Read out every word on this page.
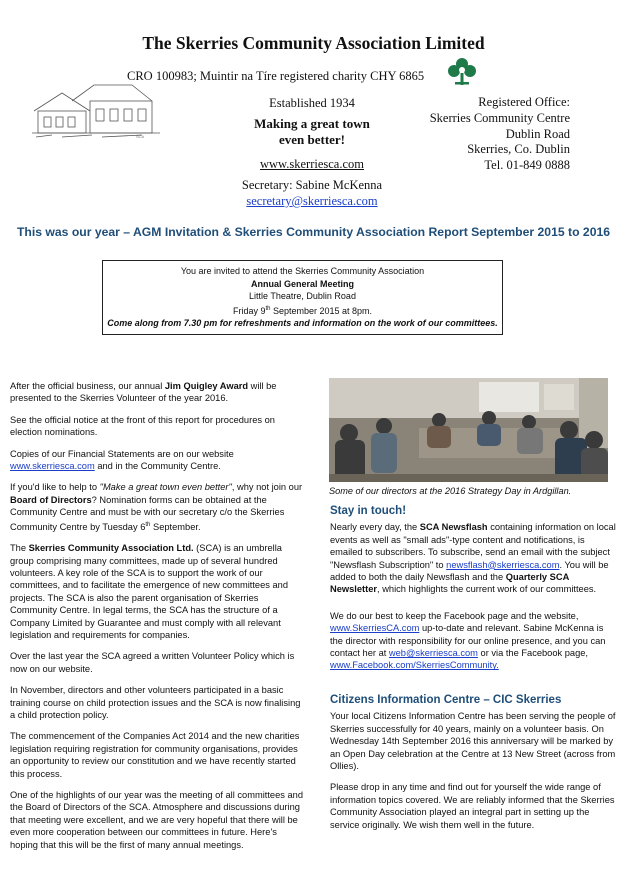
The Skerries Community Association Limited
SCA
CRO 100983; Muintir na Tíre registered charity CHY 6865
Established 1934
Making a great town
even better!
www.skerriesca.com
Secretary: Sabine McKenna
secretary@skerriesca.com
Registered Office:
Skerries Community Centre
Dublin Road
Skerries, Co. Dublin
Tel. 01-849 0888
This was our year – AGM Invitation & Skerries Community Association Report September 2015 to 2016
You are invited to attend the Skerries Community Association
Annual General Meeting
Little Theatre, Dublin Road
Friday 9th September 2015 at 8pm.
Come along from 7.30 pm for refreshments and information on the work of our committees.

After the official business, our annual Jim Quigley Award will be presented to the Skerries Volunteer of the year 2016.

See the official notice at the front of this report for procedures on election nominations.

Copies of our Financial Statements are on our website www.skerriesca.com and in the Community Centre.

If you'd like to help to "Make a great town even better", why not join our Board of Directors? Nomination forms can be obtained at the Community Centre and must be with our secretary c/o the Skerries Community Centre by Tuesday 6th September.

The Skerries Community Association Ltd. (SCA) is an umbrella group comprising many committees, made up of several hundred volunteers. A key role of the SCA is to support the work of our committees, and to facilitate the emergence of new committees and projects. The SCA is also the parent organisation of Skerries Community Centre. In legal terms, the SCA has the structure of a Company Limited by Guarantee and must comply with all relevant legislation and requirements for companies.

Over the last year the SCA agreed a written Volunteer Policy which is now on our website.

In November, directors and other volunteers participated in a basic training course on child protection issues and the SCA is now finalising a child protection policy.

The commencement of the Companies Act 2014 and the new charities legislation requiring registration for community organisations, provides an opportunity to review our constitution and we have recently started this process.

One of the highlights of our year was the meeting of all committees and the Board of Directors of the SCA. Atmosphere and discussions during that meeting were excellent, and we are very hopeful that there will be even more cooperation between our committees in future. Here's hoping that this will be the first of many annual meetings.

Some of our directors at the 2016 Strategy Day in Ardgillan.
Stay in touch!

Nearly every day, the SCA Newsflash containing information on local events as well as "small ads"-type content and notifications, is emailed to subscribers. To subscribe, send an email with the subject "Newsflash Subscription" to newsflash@skerriesca.com. You will be added to both the daily Newsflash and the Quarterly SCA Newsletter, which highlights the current work of our committees.

We do our best to keep the Facebook page and the website, www.SkerriesCA.com up-to-date and relevant. Sabine McKenna is the director with responsibility for our online presence, and you can contact her at web@skerriesca.com or via the Facebook page, www.Facebook.com/SkerriesCommunity.

Citizens Information Centre – CIC Skerries

Your local Citizens Information Centre has been serving the people of Skerries successfully for 40 years, mainly on a volunteer basis. On Wednesday 14th September 2016 this anniversary will be marked by an Open Day celebration at the Centre at 13 New Street (across from Ollies).

Please drop in any time and find out for yourself the wide range of information topics covered. We are reliably informed that the Skerries Community Association played an integral part in setting up the service originally. We wish them well in the future.
